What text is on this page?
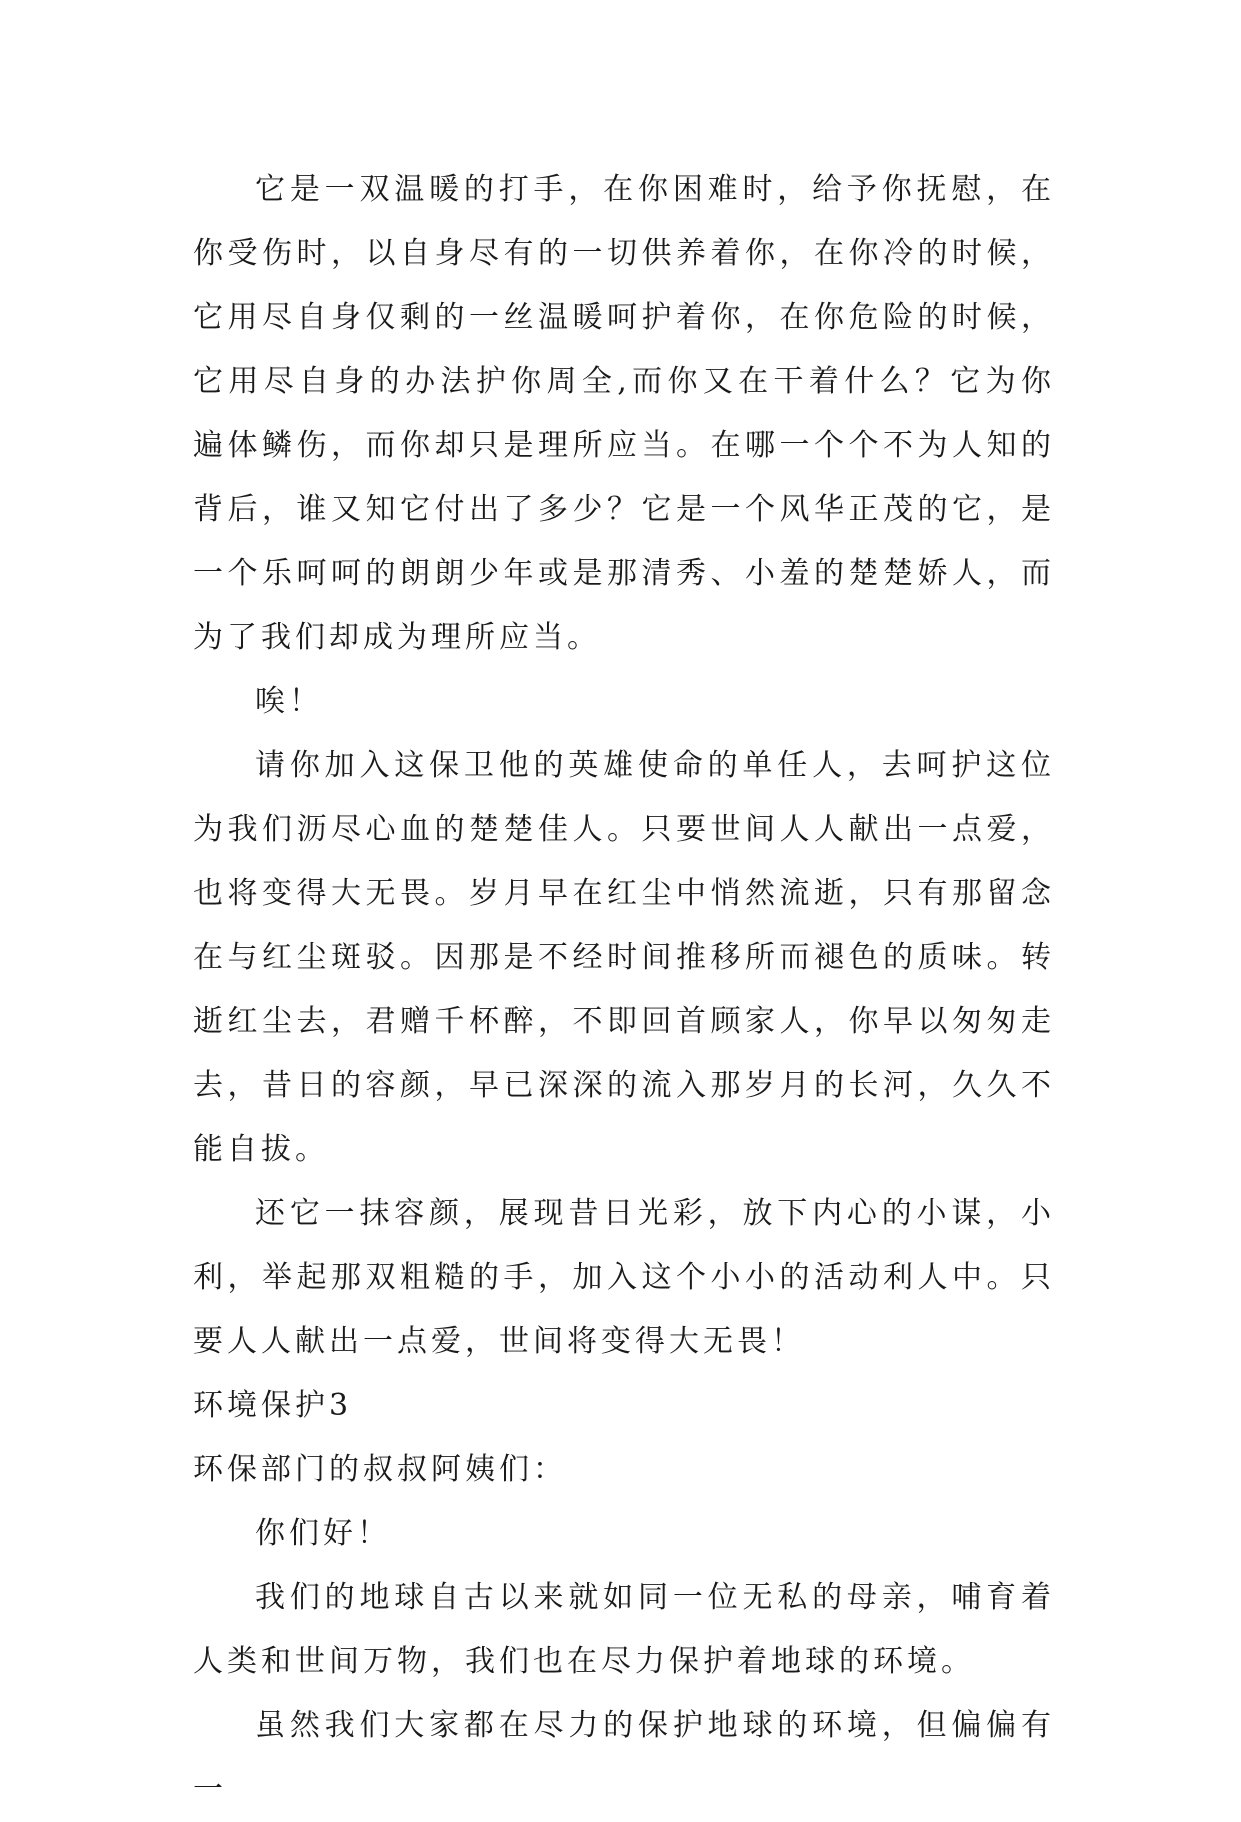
它是一双温暖的打手，在你困难时，给予你抚慰，在你受伤时，以自身尽有的一切供养着你，在你冷的时候，它用尽自身仅剩的一丝温暖呵护着你，在你危险的时候，它用尽自身的办法护你周全,而你又在干着什么？它为你遍体鳞伤，而你却只是理所应当。在哪一个个不为人知的背后，谁又知它付出了多少？它是一个风华正茂的它，是一个乐呵呵的朗朗少年或是那清秀、小羞的楚楚娇人，而为了我们却成为理所应当。

唉！

请你加入这保卫他的英雄使命的单任人，去呵护这位为我们沥尽心血的楚楚佳人。只要世间人人献出一点爱，也将变得大无畏。岁月早在红尘中悄然流逝，只有那留念在与红尘斑驳。因那是不经时间推移所而褪色的质味。转逝红尘去，君赠千杯醉，不即回首顾家人，你早以匆匆走去，昔日的容颜，早已深深的流入那岁月的长河，久久不能自拔。

还它一抹容颜，展现昔日光彩，放下内心的小谋，小利，举起那双粗糙的手，加入这个小小的活动利人中。只要人人献出一点爱，世间将变得大无畏！

环境保护3

环保部门的叔叔阿姨们：

你们好！

我们的地球自古以来就如同一位无私的母亲，哺育着人类和世间万物，我们也在尽力保护着地球的环境。

虽然我们大家都在尽力的保护地球的环境，但偏偏有一
